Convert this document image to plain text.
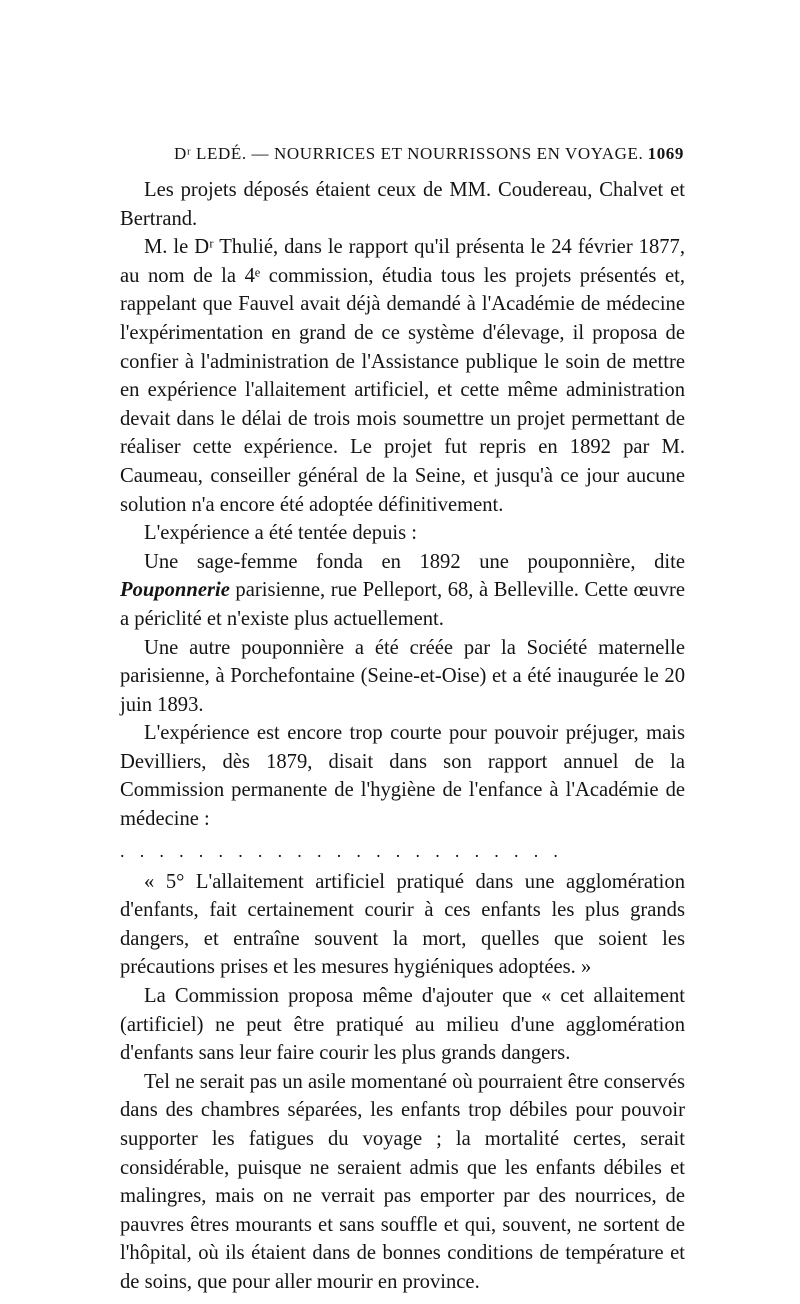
Dʳ LEDÉ. — NOURRICES ET NOURRISSONS EN VOYAGE. 1069

Les projets déposés étaient ceux de MM. Coudereau, Chalvet et Bertrand.

M. le Dʳ Thulié, dans le rapport qu'il présenta le 24 février 1877, au nom de la 4ᵉ commission, étudia tous les projets présentés et, rappelant que Fauvel avait déjà demandé à l'Académie de médecine l'expérimentation en grand de ce système d'élevage, il proposa de confier à l'administration de l'Assistance publique le soin de mettre en expérience l'allaitement artificiel, et cette même administration devait dans le délai de trois mois soumettre un projet permettant de réaliser cette expérience. Le projet fut repris en 1892 par M. Caumeau, conseiller général de la Seine, et jusqu'à ce jour aucune solution n'a encore été adoptée définitivement.

L'expérience a été tentée depuis :

Une sage-femme fonda en 1892 une pouponnière, dite Pouponnerie parisienne, rue Pelleport, 68, à Belleville. Cette œuvre a périclité et n'existe plus actuellement.

Une autre pouponnière a été créée par la Société maternelle parisienne, à Porchefontaine (Seine-et-Oise) et a été inaugurée le 20 juin 1893.

L'expérience est encore trop courte pour pouvoir préjuger, mais Devilliers, dès 1879, disait dans son rapport annuel de la Commission permanente de l'hygiène de l'enfance à l'Académie de médecine :

.......................

« 5° L'allaitement artificiel pratiqué dans une agglomération d'enfants, fait certainement courir à ces enfants les plus grands dangers, et entraîne souvent la mort, quelles que soient les précautions prises et les mesures hygiéniques adoptées. »

La Commission proposa même d'ajouter que « cet allaitement (artificiel) ne peut être pratiqué au milieu d'une agglomération d'enfants sans leur faire courir les plus grands dangers.

Tel ne serait pas un asile momentané où pourraient être conservés dans des chambres séparées, les enfants trop débiles pour pouvoir supporter les fatigues du voyage ; la mortalité certes, serait considérable, puisque ne seraient admis que les enfants débiles et malingres, mais on ne verrait pas emporter par des nourrices, de pauvres êtres mourants et sans souffle et qui, souvent, ne sortent de l'hôpital, où ils étaient dans de bonnes conditions de température et de soins, que pour aller mourir en province.
